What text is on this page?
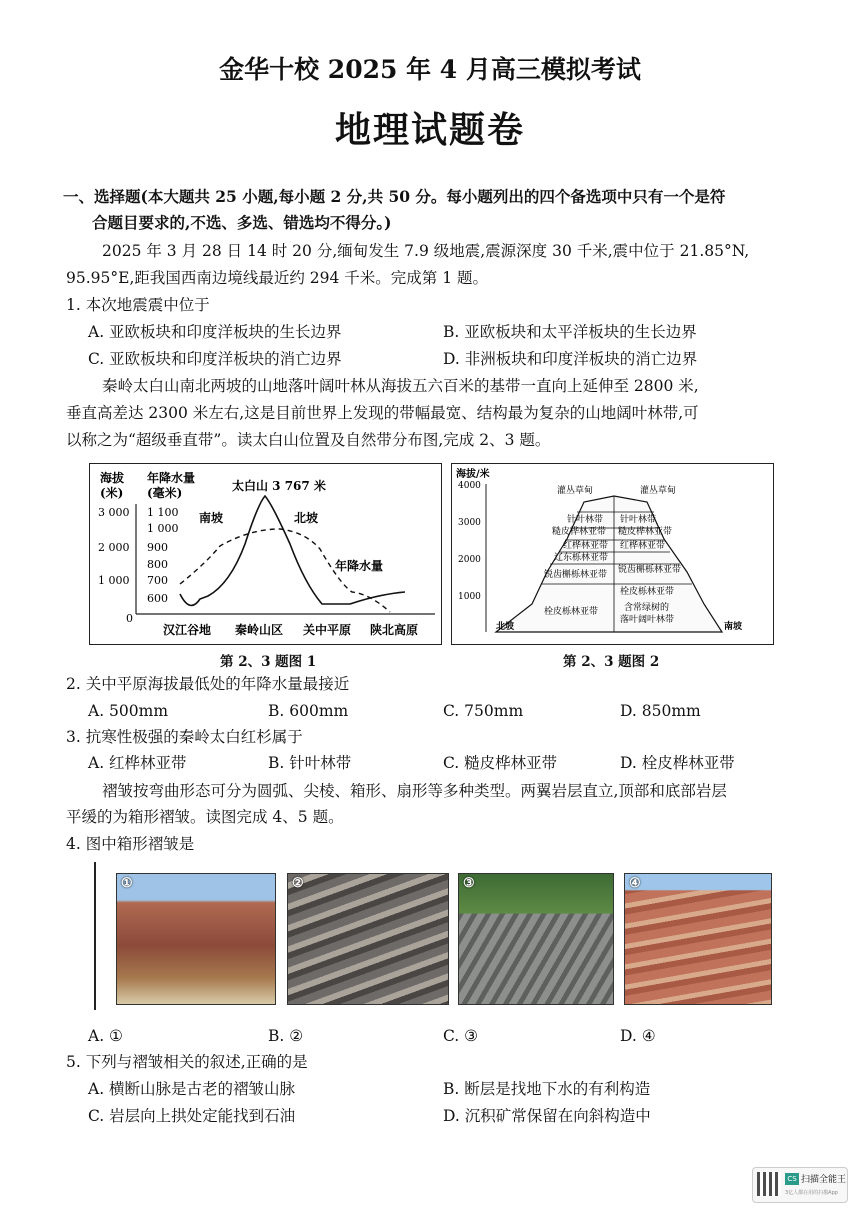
金华十校 2025 年 4 月高三模拟考试
地理试题卷
一、选择题(本大题共 25 小题,每小题 2 分,共 50 分。每小题列出的四个备选项中只有一个是符
合题目要求的,不选、多选、错选均不得分。)
2025 年 3 月 28 日 14 时 20 分,缅甸发生 7.9 级地震,震源深度 30 千米,震中位于 21.85°N,
95.95°E,距我国西南边境线最近约 294 千米。完成第 1 题。
1. 本次地震震中位于
A. 亚欧板块和印度洋板块的生长边界	B. 亚欧板块和太平洋板块的生长边界
C. 亚欧板块和印度洋板块的消亡边界	D. 非洲板块和印度洋板块的消亡边界
秦岭太白山南北两坡的山地落叶阔叶林从海拔五六百米的基带一直向上延伸至 2800 米,
垂直高差达 2300 米左右,这是目前世界上发现的带幅最宽、结构最为复杂的山地阔叶林带,可
以称之为“超级垂直带”。读太白山位置及自然带分布图,完成 2、3 题。
海拔
(米)
年降水量
(毫米)
3 000
2 000
1 000
0
1 100
1 000
900
800
700
600
太白山 3 767 米
南坡	北坡
年降水量
汉江谷地 秦岭山区 关中平原 陕北高原
第 2、3 题图 1
海拔/米
4000
3000
2000
1000
灌丛草甸
针叶林带
糙皮桦林亚带
红桦林亚带
辽东栎林亚带
锐齿槲栎林亚带
栓皮栎林亚带
灌丛草甸
针叶林带
糙皮桦林亚带
红桦林亚带
锐齿槲栎林亚带
栓皮栎林亚带
含常绿树的
落叶阔叶林带
北坡	南坡
第 2、3 题图 2
2. 关中平原海拔最低处的年降水量最接近
A. 500mm	B. 600mm	C. 750mm	D. 850mm
3. 抗寒性极强的秦岭太白红杉属于
A. 红桦林亚带	B. 针叶林带	C. 糙皮桦林亚带	D. 栓皮桦林亚带
褶皱按弯曲形态可分为圆弧、尖棱、箱形、扇形等多种类型。两翼岩层直立,顶部和底部岩层
平缓的为箱形褶皱。读图完成 4、5 题。
4. 图中箱形褶皱是
①	②	③	④
A. ①	B. ②	C. ③	D. ④
5. 下列与褶皱相关的叙述,正确的是
A. 横断山脉是古老的褶皱山脉	B. 断层是找地下水的有利构造
C. 岩层向上拱处定能找到石油	D. 沉积矿常保留在向斜构造中
CS 扫描全能王
3亿人都在用的扫描App
